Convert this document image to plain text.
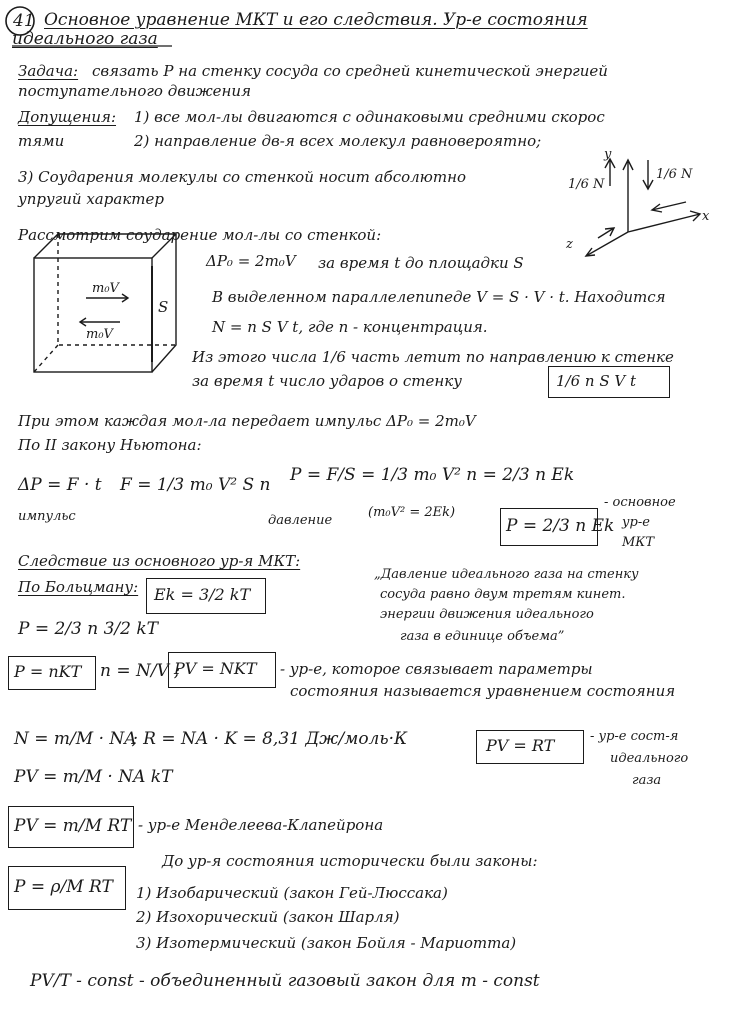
41 Основное уравнение МКТ и его следствия. Ур-е состояния
идеального газа
Задача: связать P на стенку сосуда со средней кинетической энергией
поступательного движения
Допущения: 1) все мол-лы двигаются с одинаковыми средними скорос
тями	2) направление дв-я всех молекул равновероятно;
3) Соударения молекулы со стенкой носит абсолютно
упругий характер
y
x
z
1/6 N
1/6 N
Рассмотрим соударение мол-лы со стенкой:
m₀V
m₀V
S
ΔP₀ = 2m₀V за время t до площадки S
В выделенном параллелепипеде V = S · V · t. Находится
N = n S V t, где n - концентрация.
Из этого числа 1/6 часть летит по направлению к стенке
за время t число ударов о стенку	1/6 n S V t
При этом каждая мол-ла передает импульс ΔP₀ = 2m₀V
По II закону Ньютона:
ΔP = F · t F = 1/3 m₀ V² S n P = F/S = 1/3 m₀ V² n = 2/3 n Ek
импульс	давление
(m₀V² = 2Ek)
P = 2/3 n Ek
- основное
ур-е
МКТ
Следствие из основного ур-я МКТ:
По Больцману: Ek = 3/2 kT
„Давление идеального газа на стенку
сосуда равно двум третям кинет.
энергии движения идеального
газа в единице объема”
P = 2/3 n 3/2 kT
P = nKT n = N/V ;
PV = NKT - ур-е, которое связывает параметры
состояния называется уравнением состояния
N = m/M · NA
; R = NA · K = 8,31 Дж/моль·К
PV = m/M · NA kT
PV = RT	- ур-е сост-я
идеального
газа
PV = m/M RT - ур-е Менделеева-Клапейрона
P = ρ/M RT
До ур-я состояния исторически были законы:
1) Изобарический (закон Гей-Люссака)
2) Изохорический (закон Шарля)
3) Изотермический (закон Бойля - Мариотта)
PV/T - const - объединенный газовый закон для m - const
